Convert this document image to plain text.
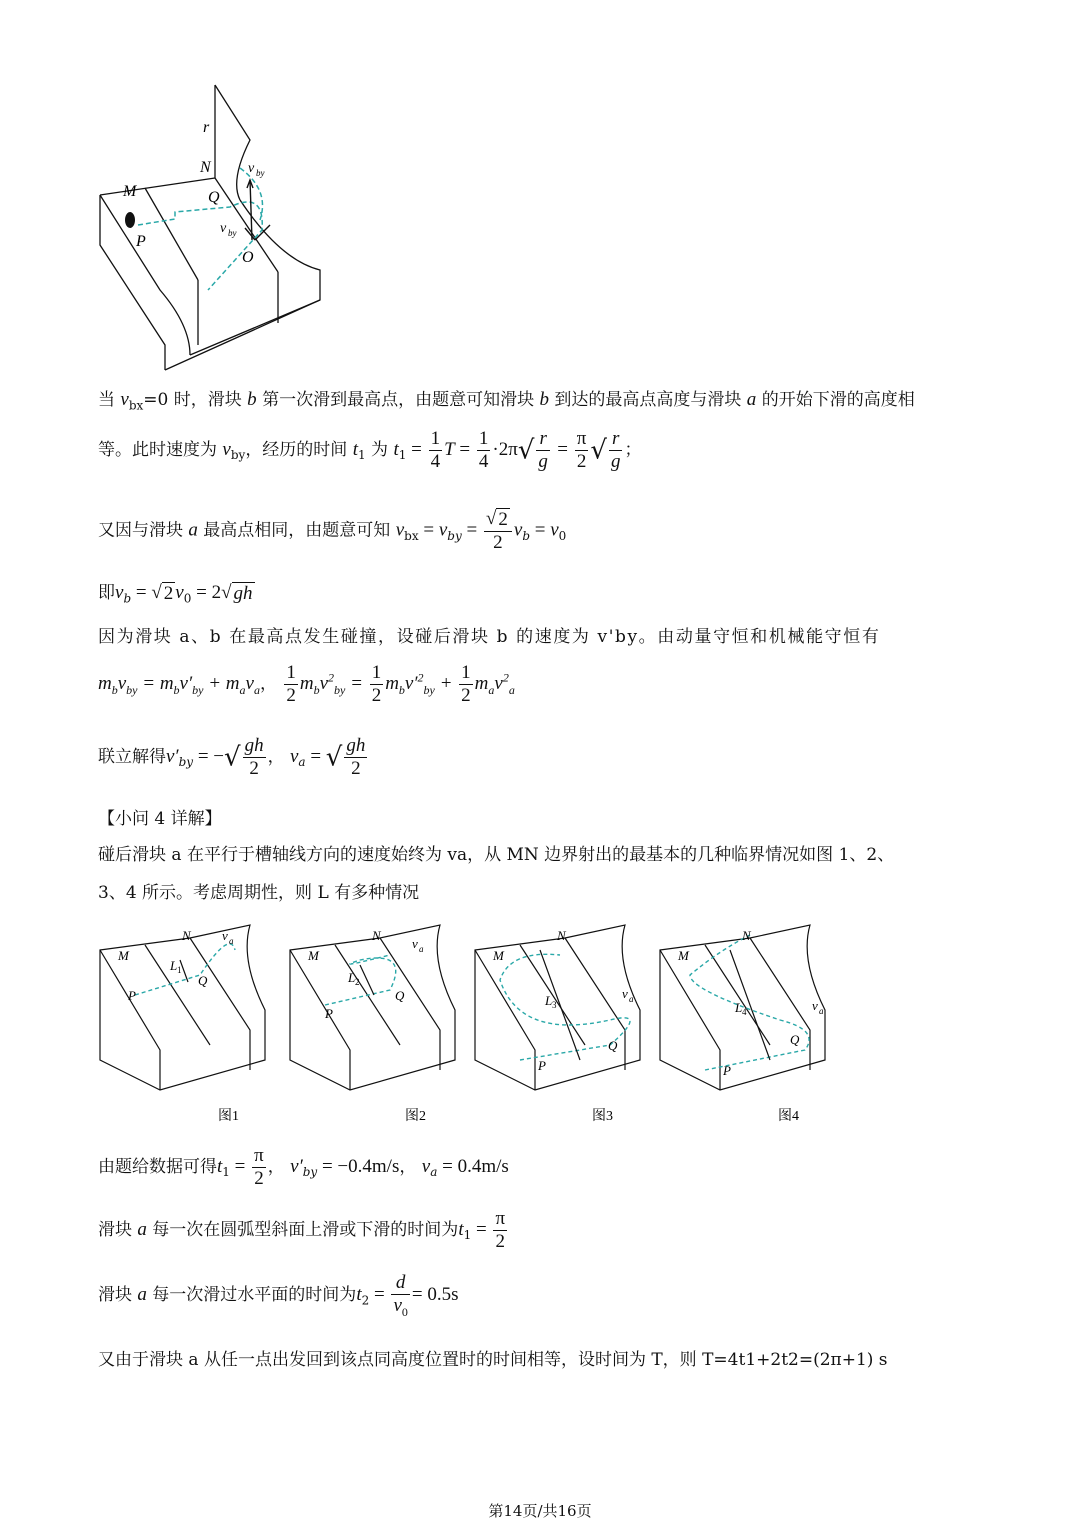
r
N
M	Q
P
O
v by
v by
当 $v_{bx}=0$ 时，滑块 b 第一次滑到最高点，由题意可知滑块 b 到达的最高点高度与滑块 a 的开始下滑的高度相
等。此时速度为 $v_{by}$，经历的时间 $t_1$ 为 $t_1 = \frac{1}{4}$ $T = \frac{1}{4} \cdot 2\pi√ \frac{r}{g} = \frac{\pi}{2}$ √ $\frac{r}{g}$ ；
又因与滑块 a 最高点相同，由题意可知 $v_{bx} = v_{by} = \frac{√ 2}{2} v_b = v_0$
即$v_b$ = √ 2 $v_0 = 2√$ gh
因为滑块 a、b 在最高点发生碰撞，设碰后滑块 b 的速度为 v'by。由动量守恒和机械能守恒有
$m_bv_{by} = m_bv'_{by} + m_av_a$， $\frac{1}{2} m_bv^2_{by} = \frac{1}{2} m_bv'^2_{by} + \frac{1}{2} m_av^2_a$
联立解得$v'_{by}$ = −√ $\frac{gh}{2}$ ， $v_a$ = √ $\frac{gh}{2}$
【小问 4 详解】
碰后滑块 a 在平行于槽轴线方向的速度始终为 va，从 MN 边界射出的最基本的几种临界情况如图 1、2、
3、4 所示。考虑周期性，则 L 有多种情况
M
N
P
Q
L 1
v a
M
N
P
Q
L 2
v a	M
N
P
Q
L 3
v a
M
N
P
Q
L 4	v a
图1	图2	图3	图4
由题给数据可得$t_1 = \frac{\pi}{2}$ ， $v'_{by} = -0.4m/s$， $v_a = 0.4m/s$
滑块 a 每一次在圆弧型斜面上滑或下滑的时间为$t_1 = \frac{\pi}{2}$
滑块 a 每一次滑过水平面的时间为$t_2 = \frac{d}{v_0} = 0.5s$
又由于滑块 a 从任一点出发回到该点同高度位置时的时间相等，设时间为 T，则 T=4t1+2t2=(2π+1) s
第14页/共16页
